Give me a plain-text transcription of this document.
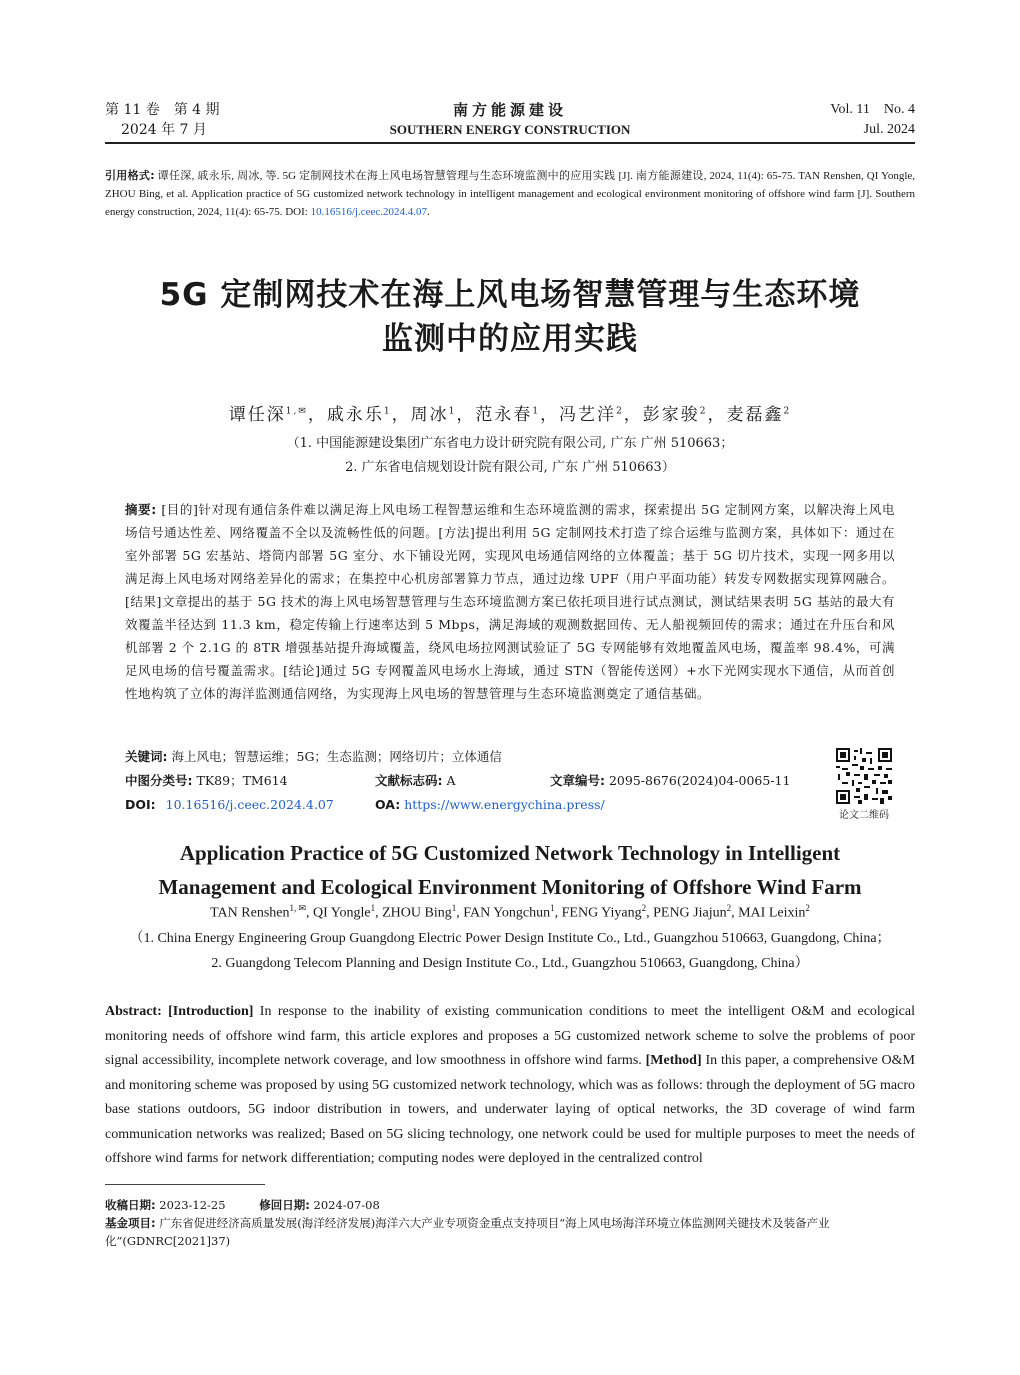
第 11 卷　第 4 期
2024 年 7 月
南方能源建设
SOUTHERN ENERGY CONSTRUCTION
Vol. 11　No. 4
Jul. 2024
引用格式: 谭任深, 戚永乐, 周冰, 等. 5G 定制网技术在海上风电场智慧管理与生态环境监测中的应用实践 [J]. 南方能源建设, 2024, 11(4): 65-75. TAN Renshen, QI Yongle, ZHOU Bing, et al. Application practice of 5G customized network technology in intelligent management and ecological environment monitoring of offshore wind farm [J]. Southern energy construction, 2024, 11(4): 65-75. DOI: 10.16516/j.ceec.2024.4.07.
5G 定制网技术在海上风电场智慧管理与生态环境
监测中的应用实践
谭任深$^{1,✉}$，戚永乐$^1$，周冰$^1$，范永春$^1$，冯艺洋$^2$，彭家骏$^2$，麦磊鑫$^2$
（1. 中国能源建设集团广东省电力设计研究院有限公司, 广东 广州 510663；
2. 广东省电信规划设计院有限公司, 广东 广州 510663）
摘要: [目的]针对现有通信条件难以满足海上风电场工程智慧运维和生态环境监测的需求，探索提出 5G 定制网方案，以解决海上风电场信号通达性差、网络覆盖不全以及流畅性低的问题。[方法]提出利用 5G 定制网技术打造了综合运维与监测方案，具体如下：通过在室外部署 5G 宏基站、塔筒内部署 5G 室分、水下铺设光网，实现风电场通信网络的立体覆盖；基于 5G 切片技术，实现一网多用以满足海上风电场对网络差异化的需求；在集控中心机房部署算力节点，通过边缘 UPF（用户平面功能）转发专网数据实现算网融合。[结果]文章提出的基于 5G 技术的海上风电场智慧管理与生态环境监测方案已依托项目进行试点测试，测试结果表明 5G 基站的最大有效覆盖半径达到 11.3 km，稳定传输上行速率达到 5 Mbps，满足海域的观测数据回传、无人船视频回传的需求；通过在升压台和风机部署 2 个 2.1G 的 8TR 增强基站提升海域覆盖，绕风电场拉网测试验证了 5G 专网能够有效地覆盖风电场，覆盖率 98.4%，可满足风电场的信号覆盖需求。[结论]通过 5G 专网覆盖风电场水上海域，通过 STN（智能传送网）+水下光网实现水下通信，从而首创性地构筑了立体的海洋监测通信网络，为实现海上风电场的智慧管理与生态环境监测奠定了通信基础。
关键词: 海上风电；智慧运维；5G；生态监测；网络切片；立体通信
中图分类号: TK89；TM614	文献标志码: A	文章编号: 2095-8676(2024)04-0065-11
DOI: 10.16516/j.ceec.2024.4.07	OA: https://www.energychina.press/
论文二维码
Application Practice of 5G Customized Network Technology in Intelligent
Management and Ecological Environment Monitoring of Offshore Wind Farm
TAN Renshen$^{1, ✉}$, QI Yongle$^1$, ZHOU Bing$^1$, FAN Yongchun$^1$, FENG Yiyang$^2$, PENG Jiajun$^2$, MAI Leixin$^2$
（1. China Energy Engineering Group Guangdong Electric Power Design Institute Co., Ltd., Guangzhou 510663, Guangdong, China；
2. Guangdong Telecom Planning and Design Institute Co., Ltd., Guangzhou 510663, Guangdong, China）
Abstract: [Introduction] In response to the inability of existing communication conditions to meet the intelligent O&M and ecological monitoring needs of offshore wind farm, this article explores and proposes a 5G customized network scheme to solve the problems of poor signal accessibility, incomplete network coverage, and low smoothness in offshore wind farms. [Method] In this paper, a comprehensive O&M and monitoring scheme was proposed by using 5G customized network technology, which was as follows: through the deployment of 5G macro base stations outdoors, 5G indoor distribution in towers, and underwater laying of optical networks, the 3D coverage of wind farm communication networks was realized; Based on 5G slicing technology, one network could be used for multiple purposes to meet the needs of offshore wind farms for network differentiation; computing nodes were deployed in the centralized control
收稿日期: 2023-12-25	修回日期: 2024-07-08
基金项目: 广东省促进经济高质量发展(海洋经济发展)海洋六大产业专项资金重点支持项目“海上风电场海洋环境立体监测网关键技术及装备产业化”(GDNRC[2021]37)
